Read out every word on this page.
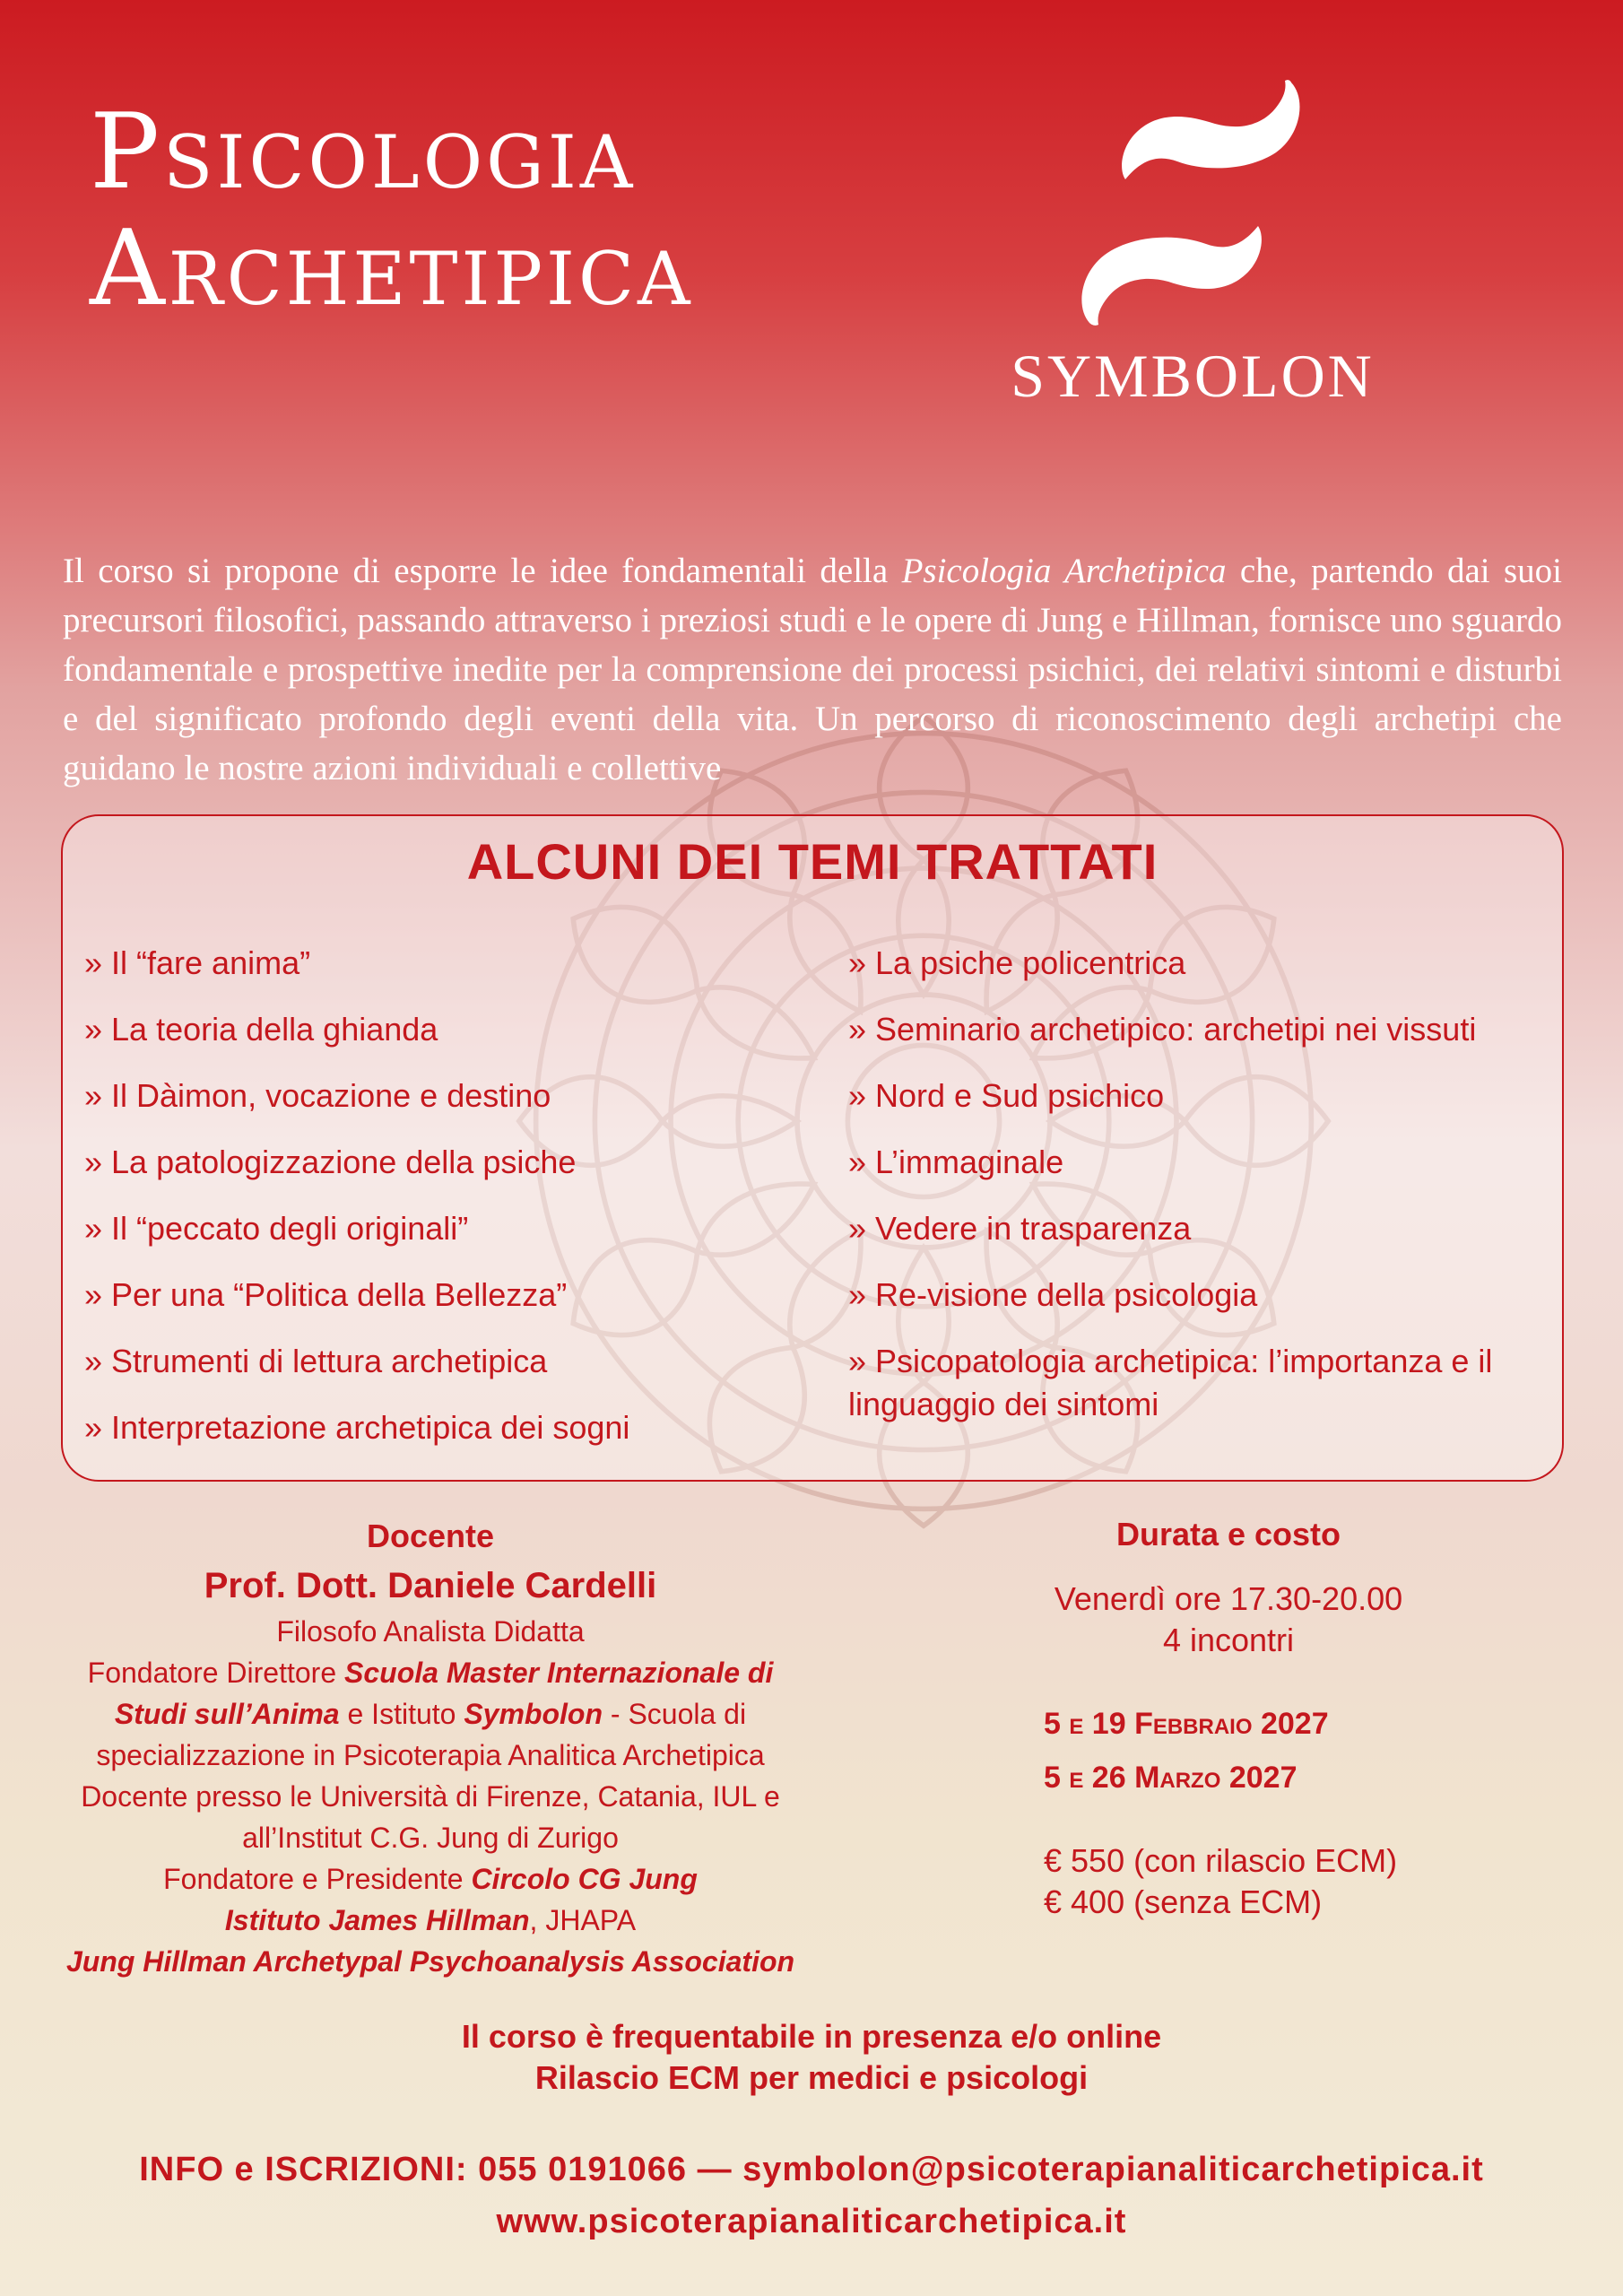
Psicologia
Archetipica
SYMBOLON

Il corso si propone di esporre le idee fondamentali della Psicologia Archetipica che, partendo dai suoi precursori filosofici, passando attraverso i preziosi studi e le opere di Jung e Hillman, fornisce uno sguardo fondamentale e prospettive inedite per la comprensione dei processi psichici, dei relativi sintomi e disturbi e del significato profondo degli eventi della vita. Un percorso di riconoscimento degli archetipi che guidano le nostre azioni individuali e collettive

ALCUNI DEI TEMI TRATTATI
» Il “fare anima”
» La teoria della ghianda
» Il Dàimon, vocazione e destino
» La patologizzazione della psiche
» Il “peccato degli originali”
» Per una “Politica della Bellezza”
» Strumenti di lettura archetipica
» Interpretazione archetipica dei sogni
» La psiche policentrica
» Seminario archetipico: archetipi nei vissuti
» Nord e Sud psichico
» L’immaginale
» Vedere in trasparenza
» Re-visione della psicologia
» Psicopatologia archetipica: l’importanza e il linguaggio dei sintomi
Docente
Prof. Dott. Daniele Cardelli
Filosofo Analista Didatta
Fondatore Direttore Scuola Master Internazionale di Studi sull’Anima e Istituto Symbolon - Scuola di specializzazione in Psicoterapia Analitica Archetipica
Docente presso le Università di Firenze, Catania, IUL e all’Institut C.G. Jung di Zurigo
Fondatore e Presidente Circolo CG Jung
Istituto James Hillman, JHAPA
Jung Hillman Archetypal Psychoanalysis Association
Durata e costo
Venerdì ore 17.30-20.00
4 incontri
5 e 19 Febbraio 2027
5 e 26 Marzo 2027
€ 550 (con rilascio ECM)
€ 400 (senza ECM)
Il corso è frequentabile in presenza e/o online
Rilascio ECM per medici e psicologi
INFO e ISCRIZIONI: 055 0191066 — symbolon@psicoterapianaliticarchetipica.it
www.psicoterapianaliticarchetipica.it
